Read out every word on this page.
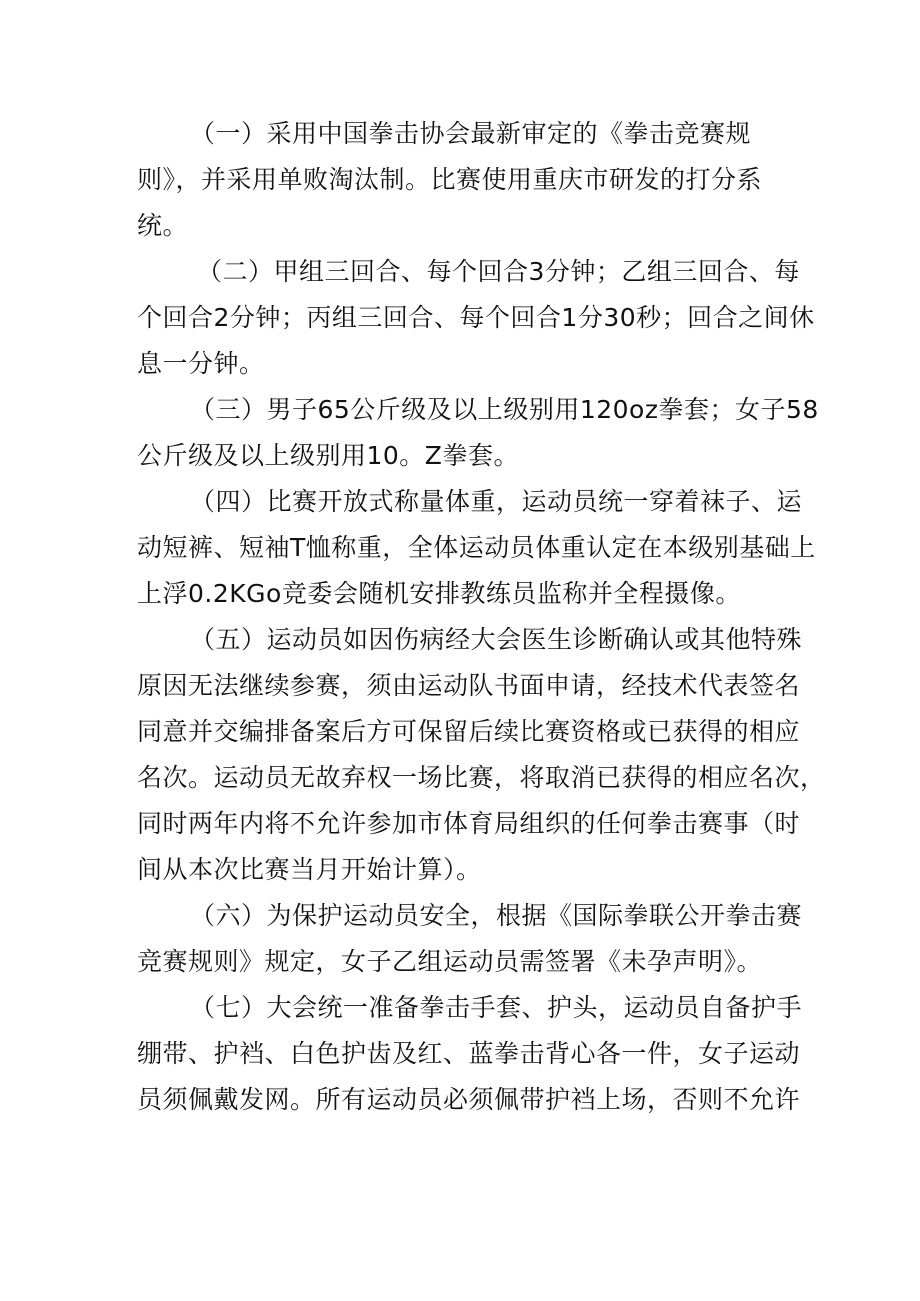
（一）采用中国拳击协会最新审定的《拳击竞赛规
则》，并采用单败淘汰制。比赛使用重庆市研发的打分系
统。
（二）甲组三回合、每个回合3分钟；乙组三回合、每
个回合2分钟；丙组三回合、每个回合1分30秒；回合之间休
息一分钟。
（三）男子65公斤级及以上级别用120oz拳套；女子58
公斤级及以上级别用10。Z拳套。
（四）比赛开放式称量体重，运动员统一穿着袜子、运
动短裤、短袖T恤称重，全体运动员体重认定在本级别基础上
上浮0.2KGo竞委会随机安排教练员监称并全程摄像。
（五）运动员如因伤病经大会医生诊断确认或其他特殊
原因无法继续参赛，须由运动队书面申请，经技术代表签名
同意并交编排备案后方可保留后续比赛资格或已获得的相应
名次。运动员无故弃权一场比赛，将取消已获得的相应名次，
同时两年内将不允许参加市体育局组织的任何拳击赛事（时
间从本次比赛当月开始计算）。
（六）为保护运动员安全，根据《国际拳联公开拳击赛
竞赛规则》规定，女子乙组运动员需签署《未孕声明》。
（七）大会统一准备拳击手套、护头，运动员自备护手
绷带、护裆、白色护齿及红、蓝拳击背心各一件，女子运动
员须佩戴发网。所有运动员必须佩带护裆上场，否则不允许
